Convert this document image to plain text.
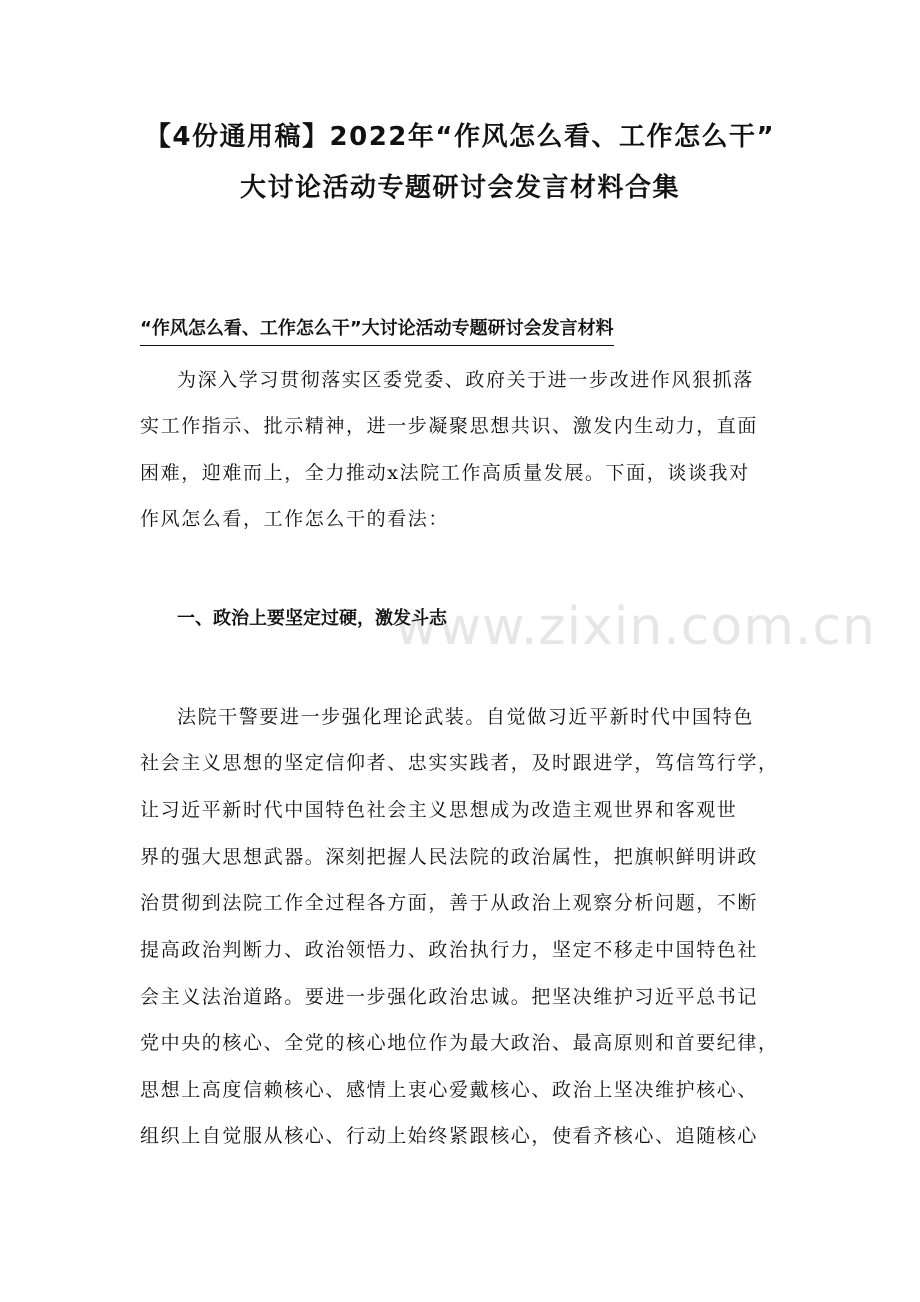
【4份通用稿】2022年“作风怎么看、工作怎么干”
大讨论活动专题研讨会发言材料合集
“作风怎么看、工作怎么干”大讨论活动专题研讨会发言材料
为深入学习贯彻落实区委党委、政府关于进一步改进作风狠抓落
实工作指示、批示精神，进一步凝聚思想共识、激发内生动力，直面
困难，迎难而上，全力推动x法院工作高质量发展。下面，谈谈我对
作风怎么看，工作怎么干的看法：
www.zixin.com.cn
一、政治上要坚定过硬，激发斗志
法院干警要进一步强化理论武装。自觉做习近平新时代中国特色
社会主义思想的坚定信仰者、忠实实践者，及时跟进学，笃信笃行学，
让习近平新时代中国特色社会主义思想成为改造主观世界和客观世
界的强大思想武器。深刻把握人民法院的政治属性，把旗帜鲜明讲政
治贯彻到法院工作全过程各方面，善于从政治上观察分析问题，不断
提高政治判断力、政治领悟力、政治执行力，坚定不移走中国特色社
会主义法治道路。要进一步强化政治忠诚。把坚决维护习近平总书记
党中央的核心、全党的核心地位作为最大政治、最高原则和首要纪律，
思想上高度信赖核心、感情上衷心爱戴核心、政治上坚决维护核心、
组织上自觉服从核心、行动上始终紧跟核心，使看齐核心、追随核心
